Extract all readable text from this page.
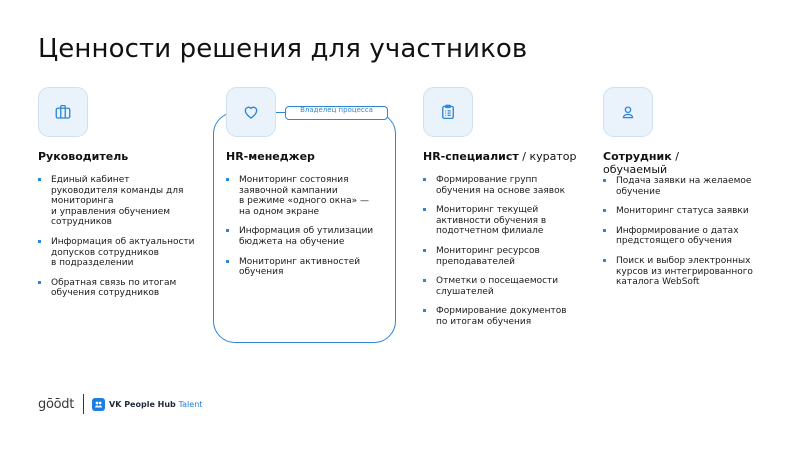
Ценности решения для участников
Владелец процесса
Руководитель	HR-менеджер	HR-специалист / куратор Сотрудник /
обучаемый
Единый кабинет
руководителя команды для
мониторинга
и управления обучением
сотрудников
Информация об актуальности
допусков сотрудников
в подразделении
Обратная связь по итогам
обучения сотрудников
Мониторинг состояния
заявочной кампании
в режиме «одного окна» —
на одном экране
Информация об утилизации
бюджета на обучение
Мониторинг активностей
обучения
Формирование групп
обучения на основе заявок
Мониторинг текущей
активности обучения в
подотчетном филиале
Мониторинг ресурсов
преподавателей
Отметки о посещаемости
слушателей
Формирование документов
по итогам обучения
Подача заявки на желаемое
обучение
Мониторинг статуса заявки
Информирование о датах
предстоящего обучения
Поиск и выбор электронных
курсов из интегрированного
каталога WebSoft
gōōdt	VK People Hub Talent
